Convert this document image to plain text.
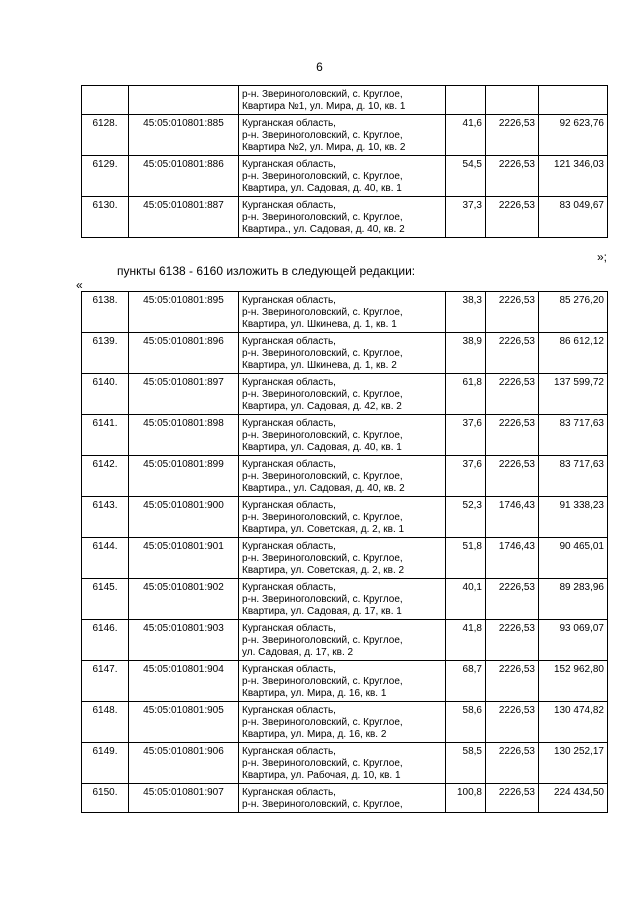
6

		р-н. Звериноголовский, с. Круглое,
Квартира №1, ул. Мира, д. 10, кв. 1			

6128.	45:05:010801:885	Курганская область,
р-н. Звериноголовский, с. Круглое,
Квартира №2, ул. Мира, д. 10, кв. 2	41,6	2226,53	92 623,76
6129.	45:05:010801:886	Курганская область,
р-н. Звериноголовский, с. Круглое,
Квартира, ул. Садовая, д. 40, кв. 1	54,5	2226,53	121 346,03
6130.	45:05:010801:887	Курганская область,
р-н. Звериноголовский, с. Круглое,
Квартира., ул. Садовая, д. 40, кв. 2	37,3	2226,53	83 049,67
»;
пункты 6138 - 6160 изложить в следующей редакции:
«
6138.	45:05:010801:895	Курганская область,
р-н. Звериноголовский, с. Круглое,
Квартира, ул. Шкинева, д. 1, кв. 1	38,3	2226,53	85 276,20
6139.	45:05:010801:896	Курганская область,
р-н. Звериноголовский, с. Круглое,
Квартира, ул. Шкинева, д. 1, кв. 2	38,9	2226,53	86 612,12
6140.	45:05:010801:897	Курганская область,
р-н. Звериноголовский, с. Круглое,
Квартира, ул. Садовая, д. 42, кв. 2	61,8	2226,53	137 599,72
6141.	45:05:010801:898	Курганская область,
р-н. Звериноголовский, с. Круглое,
Квартира, ул. Садовая, д. 40, кв. 1	37,6	2226,53	83 717,63
6142.	45:05:010801:899	Курганская область,
р-н. Звериноголовский, с. Круглое,
Квартира., ул. Садовая, д. 40, кв. 2	37,6	2226,53	83 717,63
6143.	45:05:010801:900	Курганская область,
р-н. Звериноголовский, с. Круглое,
Квартира, ул. Советская, д. 2, кв. 1	52,3	1746,43	91 338,23
6144.	45:05:010801:901	Курганская область,
р-н. Звериноголовский, с. Круглое,
Квартира, ул. Советская, д. 2, кв. 2	51,8	1746,43	90 465,01
6145.	45:05:010801:902	Курганская область,
р-н. Звериноголовский, с. Круглое,
Квартира, ул. Садовая, д. 17, кв. 1	40,1	2226,53	89 283,96
6146.	45:05:010801:903	Курганская область,
р-н. Звериноголовский, с. Круглое,
ул. Садовая, д. 17, кв. 2	41,8	2226,53	93 069,07
6147.	45:05:010801:904	Курганская область,
р-н. Звериноголовский, с. Круглое,
Квартира, ул. Мира, д. 16, кв. 1	68,7	2226,53	152 962,80
6148.	45:05:010801:905	Курганская область,
р-н. Звериноголовский, с. Круглое,
Квартира, ул. Мира, д. 16, кв. 2	58,6	2226,53	130 474,82
6149.	45:05:010801:906	Курганская область,
р-н. Звериноголовский, с. Круглое,
Квартира, ул. Рабочая, д. 10, кв. 1	58,5	2226,53	130 252,17
6150.	45:05:010801:907	Курганская область,
р-н. Звериноголовский, с. Круглое,	100,8	2226,53	224 434,50
